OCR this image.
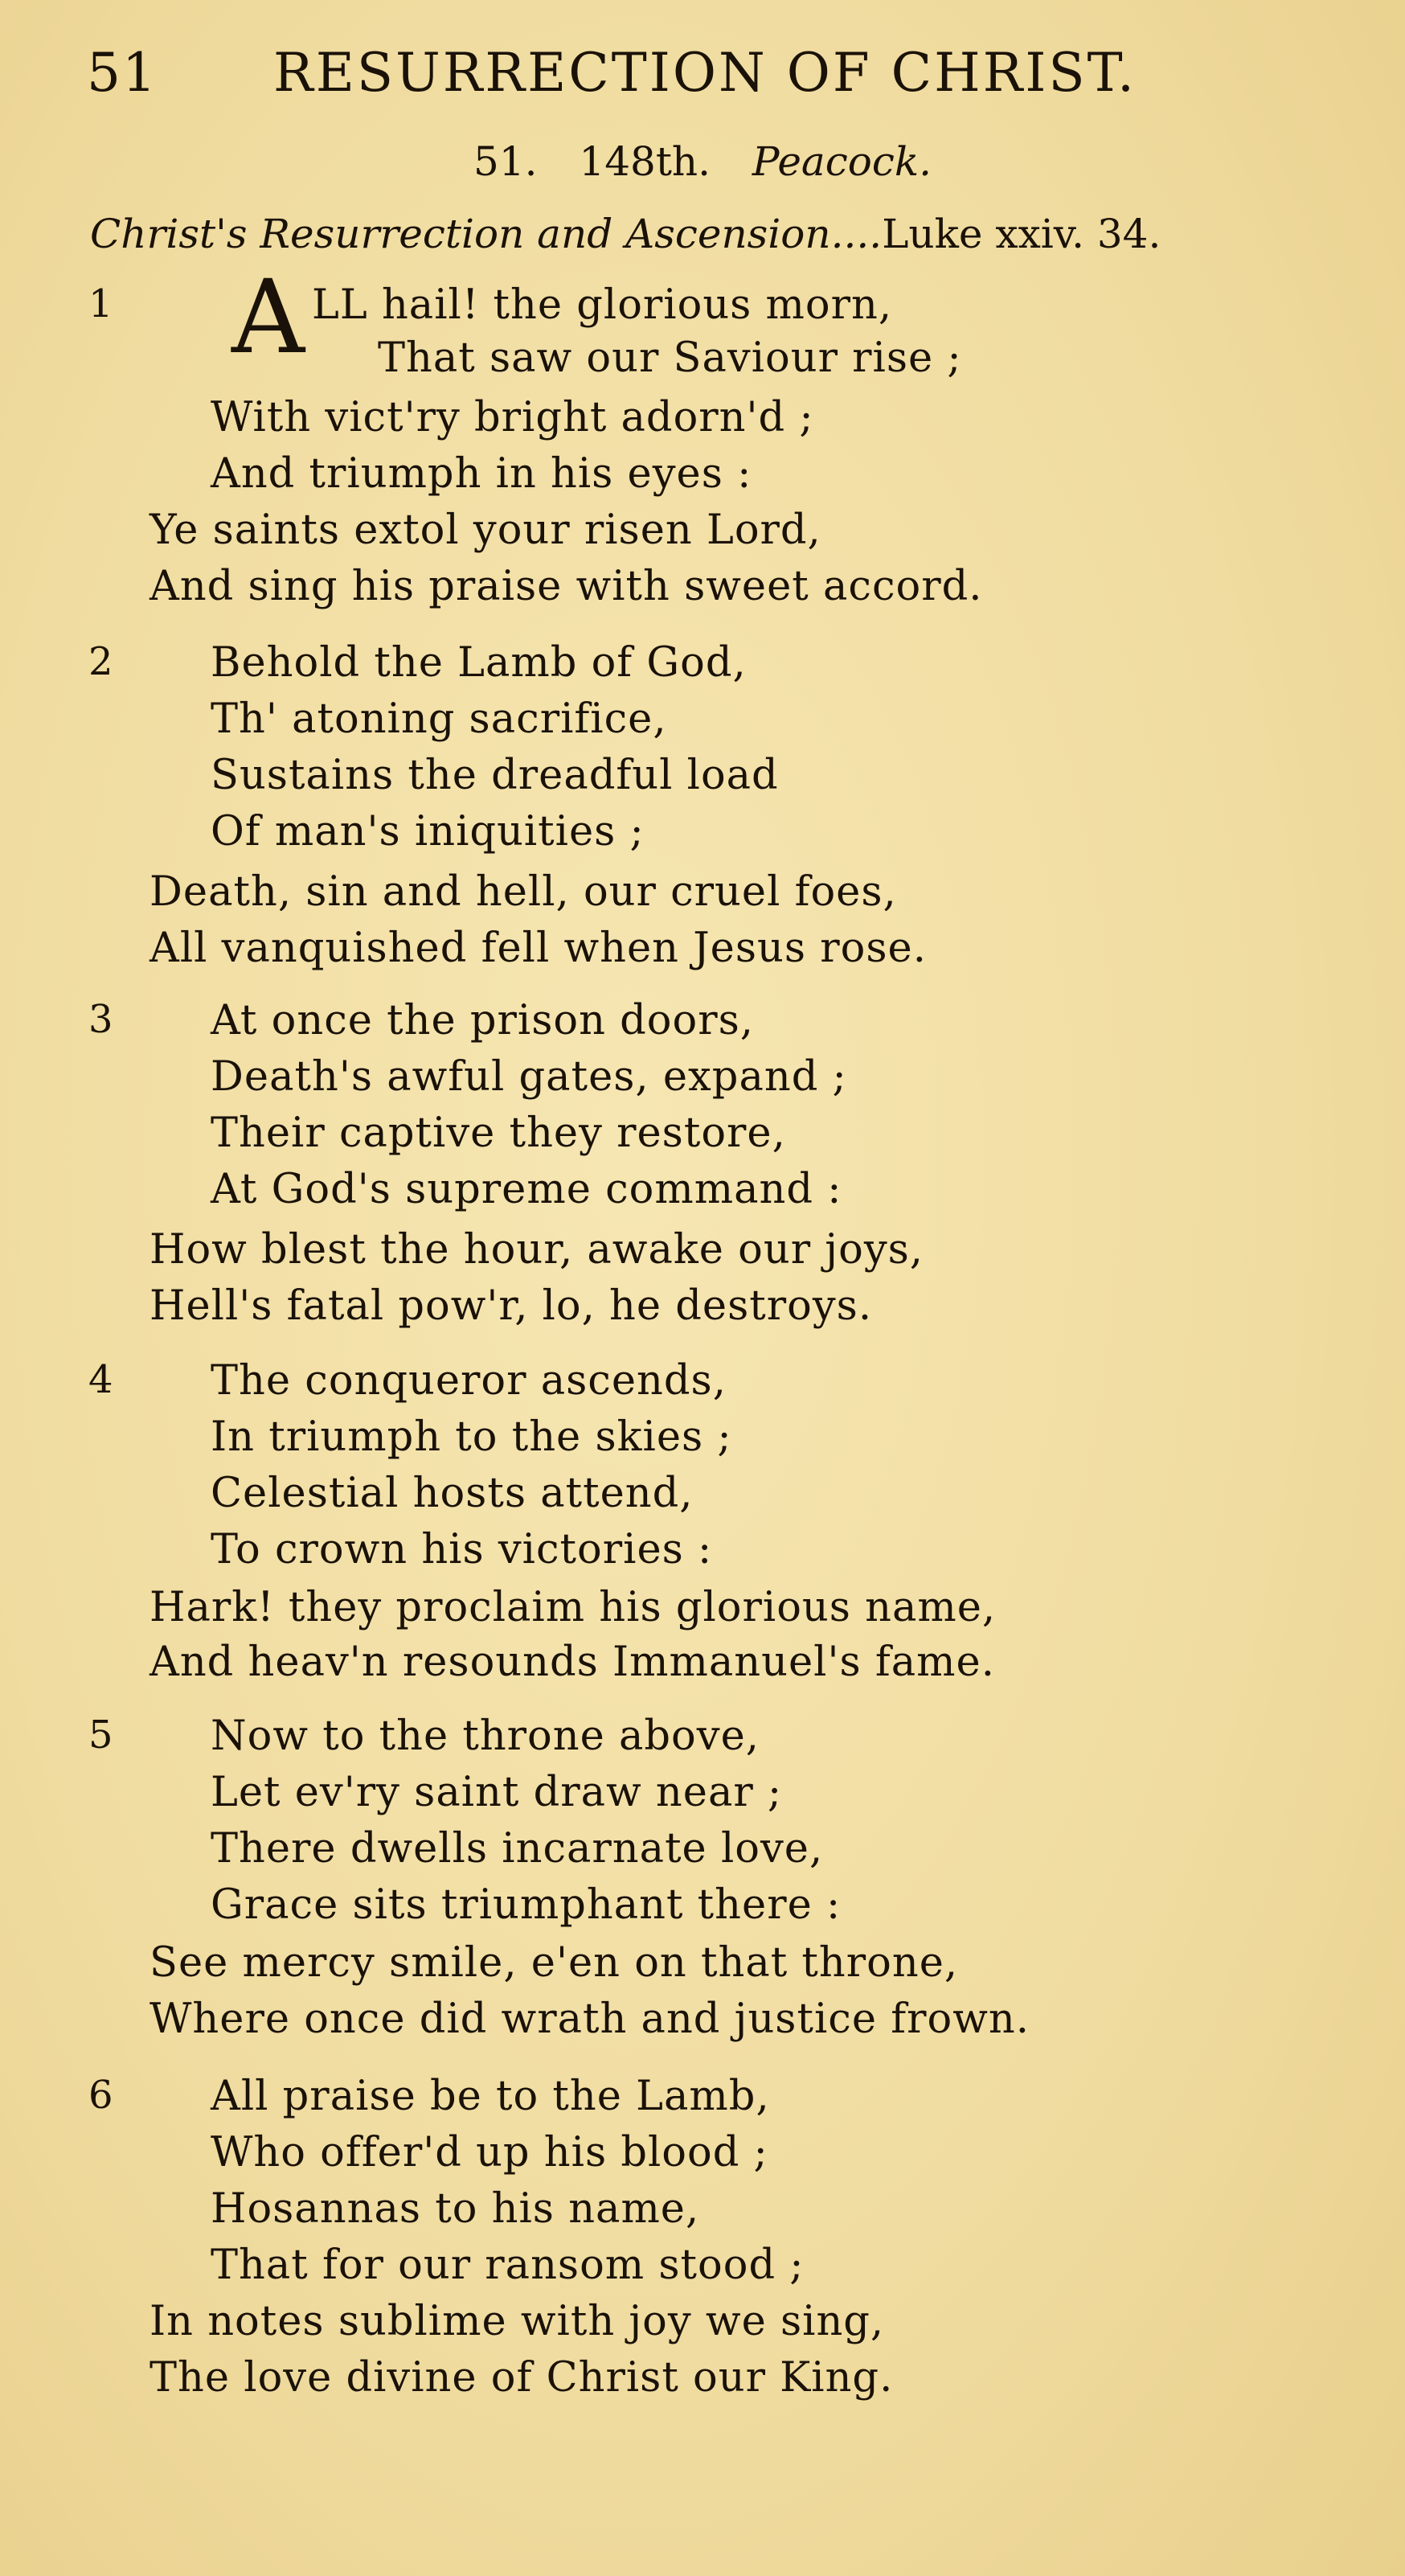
51 RESURRECTION OF CHRIST.
51. 148th. Peacock.
Christ's Resurrection and Ascension....Luke xxiv. 34.
1 A LL hail! the glorious morn,
That saw our Saviour rise ;
With vict'ry bright adorn'd ;
And triumph in his eyes :
Ye saints extol your risen Lord,
And sing his praise with sweet accord.
2 Behold the Lamb of God,
Th' atoning sacrifice,
Sustains the dreadful load
Of man's iniquities ;
Death, sin and hell, our cruel foes,
All vanquished fell when Jesus rose.
3 At once the prison doors,
Death's awful gates, expand ;
Their captive they restore,
At God's supreme command :
How blest the hour, awake our joys,
Hell's fatal pow'r, lo, he destroys.
4 The conqueror ascends,
In triumph to the skies ;
Celestial hosts attend,
To crown his victories :
Hark! they proclaim his glorious name,
And heav'n resounds Immanuel's fame.
5 Now to the throne above,
Let ev'ry saint draw near ;
There dwells incarnate love,
Grace sits triumphant there :
See mercy smile, e'en on that throne,
Where once did wrath and justice frown.
6 All praise be to the Lamb,
Who offer'd up his blood ;
Hosannas to his name,
That for our ransom stood ;
In notes sublime with joy we sing,
The love divine of Christ our King.
